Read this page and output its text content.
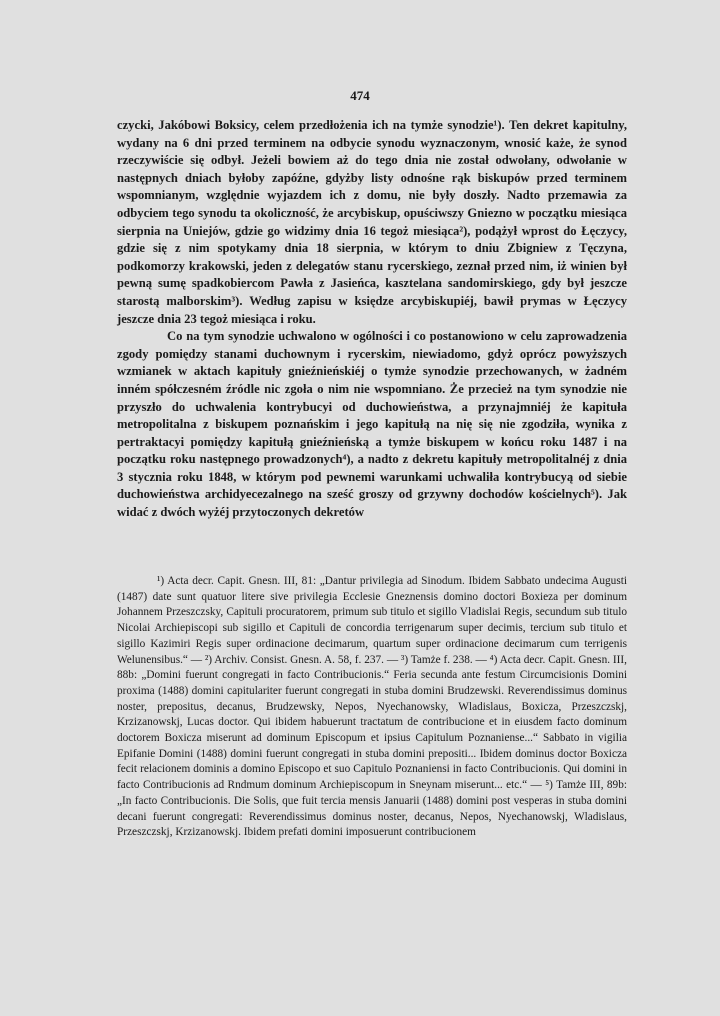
474

czycki, Jakóbowi Boksicy, celem przedłożenia ich na tymże synodzie¹). Ten dekret kapitulny, wydany na 6 dni przed terminem na odbycie synodu wyznaczonym, wnosić każe, że synod rzeczywiście się odbył. Jeżeli bowiem aż do tego dnia nie został odwołany, odwołanie w następnych dniach byłoby zapóźne, gdyżby listy odnośne rąk biskupów przed terminem wspomnianym, względnie wyjazdem ich z domu, nie były doszły. Nadto przemawia za odbyciem tego synodu ta okoliczność, że arcybiskup, opuściwszy Gniezno w początku miesiąca sierpnia na Uniejów, gdzie go widzimy dnia 16 tegoż miesiąca²), podążył wprost do Łęczycy, gdzie się z nim spotykamy dnia 18 sierpnia, w którym to dniu Zbigniew z Tęczyna, podkomorzy krakowski, jeden z delegatów stanu rycerskiego, zeznał przed nim, iż winien był pewną sumę spadkobiercom Pawła z Jasieńca, kasztelana sandomirskiego, gdy był jeszcze starostą malborskim³). Według zapisu w księdze arcybiskupiéj, bawił prymas w Łęczycy jeszcze dnia 23 tegoż miesiąca i roku.

Co na tym synodzie uchwalono w ogólności i co postanowiono w celu zaprowadzenia zgody pomiędzy stanami duchownym i rycerskim, niewiadomo, gdyż oprócz powyższych wzmianek w aktach kapituły gnieźnieńskiéj o tymże synodzie przechowanych, w żadném inném spółczesném źródle nic zgoła o nim nie wspomniano. Że przecież na tym synodzie nie przyszło do uchwalenia kontrybucyi od duchowieństwa, a przynajmniéj że kapituła metropolitalna z biskupem poznańskim i jego kapitułą na nię się nie zgodziła, wynika z pertraktacyi pomiędzy kapitułą gnieźnieńską a tymże biskupem w końcu roku 1487 i na początku roku następnego prowadzonych⁴), a nadto z dekretu kapituły metropolitalnéj z dnia 3 stycznia roku 1848, w którym pod pewnemi warunkami uchwaliła kontrybucyą od siebie duchowieństwa archidyecezalnego na sześć groszy od grzywny dochodów kościelnych⁵). Jak widać z dwóch wyżéj przytoczonych dekretów

¹) Acta decr. Capit. Gnesn. III, 81: „Dantur privilegia ad Sinodum. Ibidem Sabbato undecima Augusti (1487) date sunt quatuor litere sive privilegia Ecclesie Gneznensis domino doctori Boxieza per dominum Johannem Przeszczsky, Capituli procuratorem, primum sub titulo et sigillo Vladislai Regis, secundum sub titulo Nicolai Archiepiscopi sub sigillo et Capituli de concordia terrigenarum super decimis, tercium sub titulo et sigillo Kazimiri Regis super ordinacione decimarum, quartum super ordinacione decimarum cum terrigenis Welunensibus.“ — ²) Archiv. Consist. Gnesn. A. 58, f. 237. — ³) Tamże f. 238. — ⁴) Acta decr. Capit. Gnesn. III, 88b: „Domini fuerunt congregati in facto Contribucionis.“ Feria secunda ante festum Circumcisionis Domini proxima (1488) domini capitulariter fuerunt congregati in stuba domini Brudzewski. Reverendissimus dominus noster, prepositus, decanus, Brudzewsky, Nepos, Nyechanowsky, Wladislaus, Boxicza, Przeszczskj, Krzizanowskj, Lucas doctor. Qui ibidem habuerunt tractatum de contribucione et in eiusdem facto dominum doctorem Boxicza miserunt ad dominum Episcopum et ipsius Capitulum Poznaniense...“ Sabbato in vigilia Epifanie Domini (1488) domini fuerunt congregati in stuba domini prepositi... Ibidem dominus doctor Boxicza fecit relacionem dominis a domino Episcopo et suo Capitulo Poznaniensi in facto Contribucionis. Qui domini in facto Contribucionis ad Rndmum dominum Archiepiscopum in Sneynam miserunt... etc.“ — ⁵) Tamże III, 89b: „In facto Contribucionis. Die Solis, que fuit tercia mensis Januarii (1488) domini post vesperas in stuba domini decani fuerunt congregati: Reverendissimus dominus noster, decanus, Nepos, Nyechanowskj, Wladislaus, Przeszczskj, Krzizanowskj. Ibidem prefati domini imposuerunt contribucionem
